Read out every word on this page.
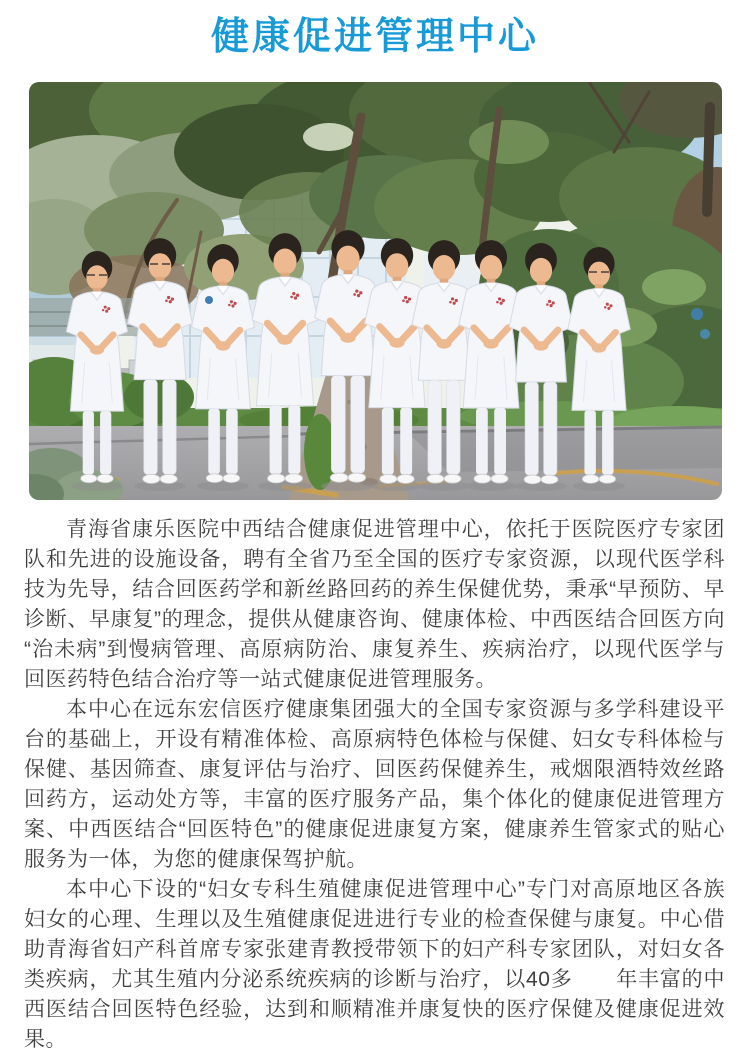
健康促进管理中心

青海省康乐医院中西结合健康促进管理中心，依托于医院医疗专家团队和先进的设施设备，聘有全省乃至全国的医疗专家资源，以现代医学科技为先导，结合回医药学和新丝路回药的养生保健优势，秉承“早预防、早诊断、早康复”的理念，提供从健康咨询、健康体检、中西医结合回医方向“治未病”到慢病管理、高原病防治、康复养生、疾病治疗，以现代医学与回医药特色结合治疗等一站式健康促进管理服务。

本中心在远东宏信医疗健康集团强大的全国专家资源与多学科建设平台的基础上，开设有精准体检、高原病特色体检与保健、妇女专科体检与保健、基因筛查、康复评估与治疗、回医药保健养生，戒烟限酒特效丝路回药方，运动处方等，丰富的医疗服务产品，集个体化的健康促进管理方案、中西医结合“回医特色”的健康促进康复方案，健康养生管家式的贴心服务为一体，为您的健康保驾护航。

本中心下设的“妇女专科生殖健康促进管理中心”专门对高原地区各族妇女的心理、生理以及生殖健康促进进行专业的检查保健与康复。中心借助青海省妇产科首席专家张建青教授带领下的妇产科专家团队，对妇女各类疾病，尤其生殖内分泌系统疾病的诊断与治疗，以40多　　年丰富的中西医结合回医特色经验，达到和顺精准并康复快的医疗保健及健康促进效果。
